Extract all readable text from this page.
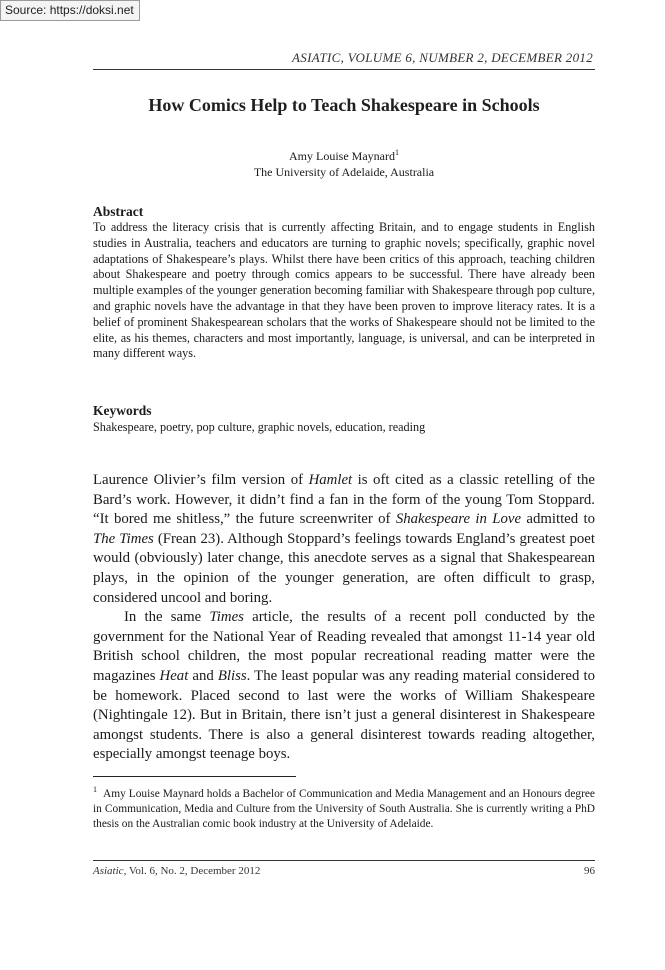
Source: https://doksi.net
ASIATIC, VOLUME 6, NUMBER 2, DECEMBER 2012
How Comics Help to Teach Shakespeare in Schools
Amy Louise Maynard$^1$
The University of Adelaide, Australia
Abstract

To address the literacy crisis that is currently affecting Britain, and to engage students in English studies in Australia, teachers and educators are turning to graphic novels; specifically, graphic novel adaptations of Shakespeare’s plays. Whilst there have been critics of this approach, teaching children about Shakespeare and poetry through comics appears to be successful. There have already been multiple examples of the younger generation becoming familiar with Shakespeare through pop culture, and graphic novels have the advantage in that they have been proven to improve literacy rates. It is a belief of prominent Shakespearean scholars that the works of Shakespeare should not be limited to the elite, as his themes, characters and most importantly, language, is universal, and can be interpreted in many different ways.

Keywords

Shakespeare, poetry, pop culture, graphic novels, education, reading

Laurence Olivier’s film version of Hamlet is oft cited as a classic retelling of the Bard’s work. However, it didn’t find a fan in the form of the young Tom Stoppard. “It bored me shitless,” the future screenwriter of Shakespeare in Love admitted to The Times (Frean 23). Although Stoppard’s feelings towards England’s greatest poet would (obviously) later change, this anecdote serves as a signal that Shakespearean plays, in the opinion of the younger generation, are often difficult to grasp, considered uncool and boring.

In the same Times article, the results of a recent poll conducted by the government for the National Year of Reading revealed that amongst 11-14 year old British school children, the most popular recreational reading matter were the magazines Heat and Bliss. The least popular was any reading material considered to be homework. Placed second to last were the works of William Shakespeare (Nightingale 12). But in Britain, there isn’t just a general disinterest in Shakespeare amongst students. There is also a general disinterest towards reading altogether, especially amongst teenage boys.

$^1$ Amy Louise Maynard holds a Bachelor of Communication and Media Management and an Honours degree in Communication, Media and Culture from the University of South Australia. She is currently writing a PhD thesis on the Australian comic book industry at the University of Adelaide.
Asiatic, Vol. 6, No. 2, December 2012	96
